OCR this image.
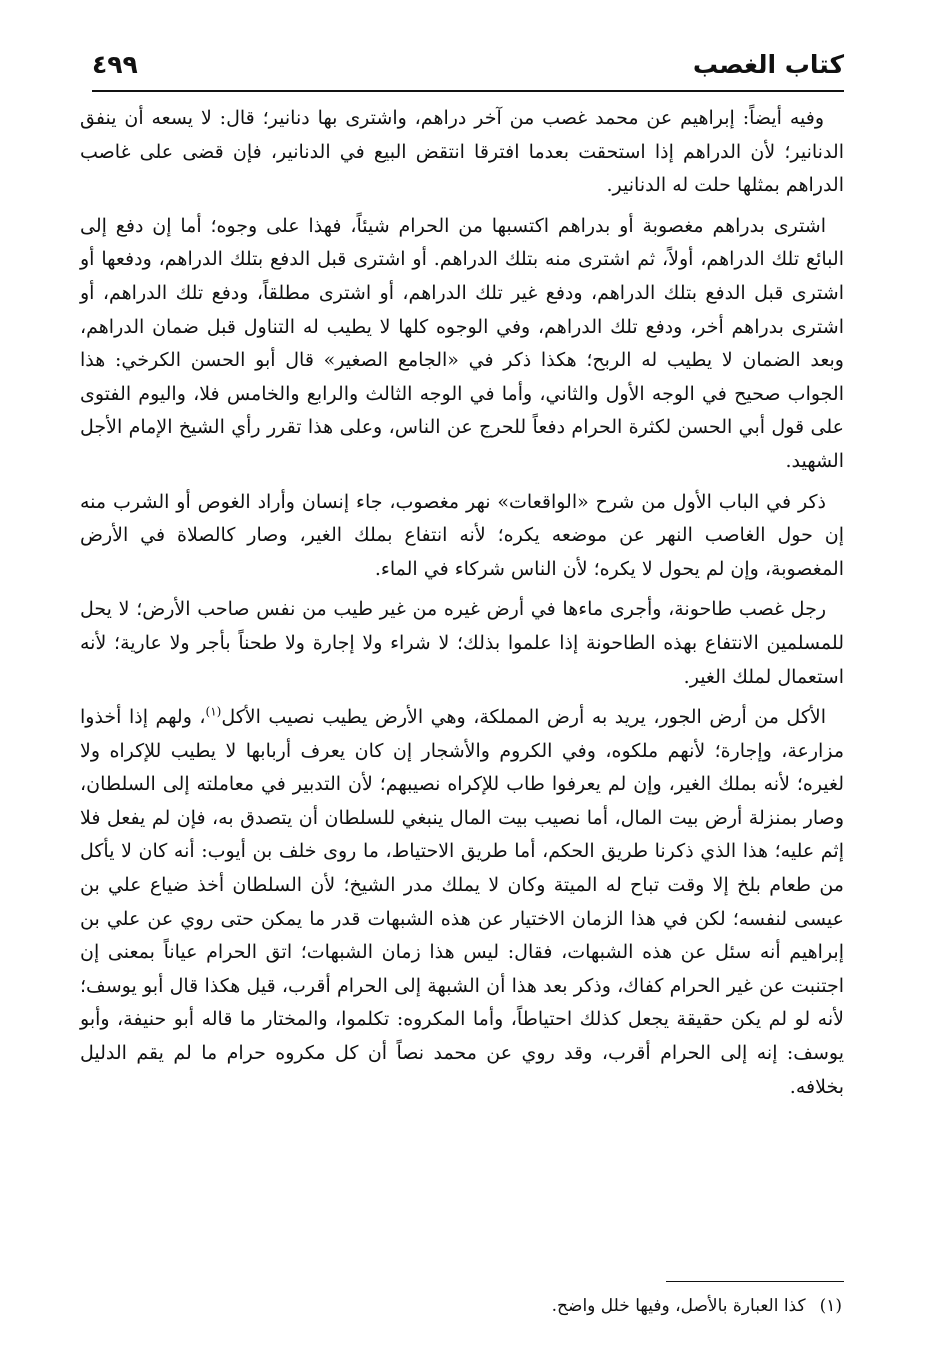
كتاب الغصب
٤٩٩

وفيه أيضاً: إبراهيم عن محمد غصب من آخر دراهم، واشترى بها دنانير؛ قال: لا يسعه أن ينفق الدنانير؛ لأن الدراهم إذا استحقت بعدما افترقا انتقض البيع في الدنانير، فإن قضى على غاصب الدراهم بمثلها حلت له الدنانير.

اشترى بدراهم مغصوبة أو بدراهم اكتسبها من الحرام شيئاً، فهذا على وجوه؛ أما إن دفع إلى البائع تلك الدراهم، أولاً، ثم اشترى منه بتلك الدراهم. أو اشترى قبل الدفع بتلك الدراهم، ودفعها أو اشترى قبل الدفع بتلك الدراهم، ودفع غير تلك الدراهم، أو اشترى مطلقاً، ودفع تلك الدراهم، أو اشترى بدراهم أخر، ودفع تلك الدراهم، وفي الوجوه كلها لا يطيب له التناول قبل ضمان الدراهم، وبعد الضمان لا يطيب له الربح؛ هكذا ذكر في «الجامع الصغير» قال أبو الحسن الكرخي: هذا الجواب صحيح في الوجه الأول والثاني، وأما في الوجه الثالث والرابع والخامس فلا، واليوم الفتوى على قول أبي الحسن لكثرة الحرام دفعاً للحرج عن الناس، وعلى هذا تقرر رأي الشيخ الإمام الأجل الشهيد.

ذكر في الباب الأول من شرح «الواقعات» نهر مغصوب، جاء إنسان وأراد الغوص أو الشرب منه إن حول الغاصب النهر عن موضعه يكره؛ لأنه انتفاع بملك الغير، وصار كالصلاة في الأرض المغصوبة، وإن لم يحول لا يكره؛ لأن الناس شركاء في الماء.

رجل غصب طاحونة، وأجرى ماءها في أرض غيره من غير طيب من نفس صاحب الأرض؛ لا يحل للمسلمين الانتفاع بهذه الطاحونة إذا علموا بذلك؛ لا شراء ولا إجارة ولا طحناً بأجر ولا عارية؛ لأنه استعمال لملك الغير.

الأكل من أرض الجور، يريد به أرض المملكة، وهي الأرض يطيب نصيب الأكل$^{(١)}$، ولهم إذا أخذوا مزارعة، وإجارة؛ لأنهم ملكوه، وفي الكروم والأشجار إن كان يعرف أربابها لا يطيب للإكراه ولا لغيره؛ لأنه بملك الغير، وإن لم يعرفوا طاب للإكراه نصيبهم؛ لأن التدبير في معاملته إلى السلطان، وصار بمنزلة أرض بيت المال، أما نصيب بيت المال ينبغي للسلطان أن يتصدق به، فإن لم يفعل فلا إثم عليه؛ هذا الذي ذكرنا طريق الحكم، أما طريق الاحتياط، ما روى خلف بن أيوب: أنه كان لا يأكل من طعام بلخ إلا وقت تباح له الميتة وكان لا يملك مدر الشيخ؛ لأن السلطان أخذ ضياع علي بن عيسى لنفسه؛ لكن في هذا الزمان الاختيار عن هذه الشبهات قدر ما يمكن حتى روي عن علي بن إبراهيم أنه سئل عن هذه الشبهات، فقال: ليس هذا زمان الشبهات؛ اتق الحرام عياناً بمعنى إن اجتنبت عن غير الحرام كفاك، وذكر بعد هذا أن الشبهة إلى الحرام أقرب، قيل هكذا قال أبو يوسف؛ لأنه لو لم يكن حقيقة يجعل كذلك احتياطاً، وأما المكروه: تكلموا، والمختار ما قاله أبو حنيفة، وأبو يوسف: إنه إلى الحرام أقرب، وقد روي عن محمد نصاً أن كل مكروه حرام ما لم يقم الدليل بخلافه.

(١)كذا العبارة بالأصل، وفيها خلل واضح.
